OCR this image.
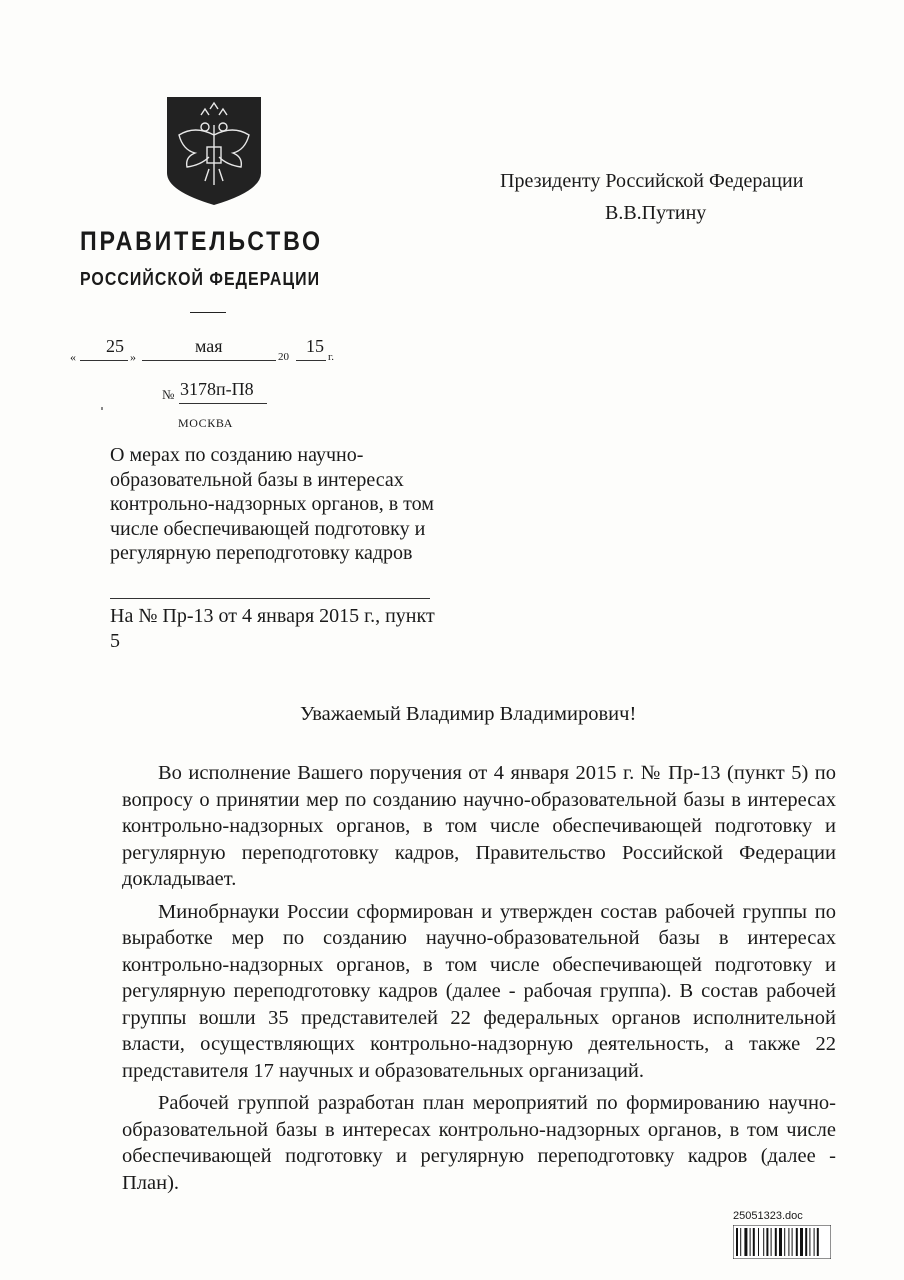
ПРАВИТЕЛЬСТВО
РОССИЙСКОЙ ФЕДЕРАЦИИ
«
25
»
мая
20
15
г.
№ 3178п-П8
МОСКВА
Президенту Российской Федерации
В.В.Путину
О мерах по созданию научно-образовательной базы в интересах контрольно-надзорных органов, в том числе обеспечивающей подготовку и регулярную переподготовку кадров
На № Пр-13 от 4 января 2015 г., пункт 5
Уважаемый Владимир Владимирович!

Во исполнение Вашего поручения от 4 января 2015 г. № Пр-13 (пункт 5) по вопросу о принятии мер по созданию научно-образовательной базы в интересах контрольно-надзорных органов, в том числе обеспечивающей подготовку и регулярную переподготовку кадров, Правительство Российской Федерации докладывает.

Минобрнауки России сформирован и утвержден состав рабочей группы по выработке мер по созданию научно-образовательной базы в интересах контрольно-надзорных органов, в том числе обеспечивающей подготовку и регулярную переподготовку кадров (далее - рабочая группа). В состав рабочей группы вошли 35 представителей 22 федеральных органов исполнительной власти, осуществляющих контрольно-надзорную деятельность, а также 22 представителя 17 научных и образовательных организаций.

Рабочей группой разработан план мероприятий по формированию научно-образовательной базы в интересах контрольно-надзорных органов, в том числе обеспечивающей подготовку и регулярную переподготовку кадров (далее - План).

25051323.doc
